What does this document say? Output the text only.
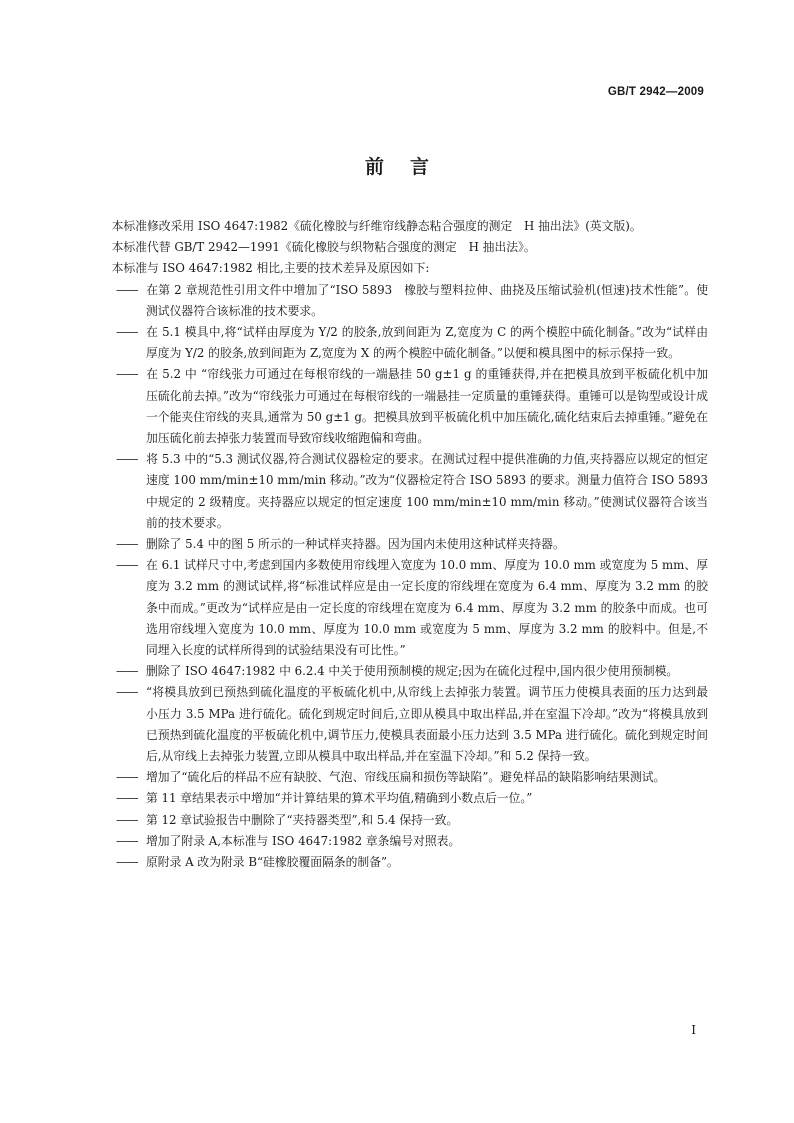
GB/T 2942—2009
前言

本标准修改采用 ISO 4647:1982《硫化橡胶与纤维帘线静态粘合强度的测定　H 抽出法》(英文版)。

本标准代替 GB/T 2942—1991《硫化橡胶与织物粘合强度的测定　H 抽出法》。

本标准与 ISO 4647:1982 相比,主要的技术差异及原因如下:

—— 在第 2 章规范性引用文件中增加了“ISO 5893　橡胶与塑料拉伸、曲挠及压缩试验机(恒速)技术性能”。使测试仪器符合该标准的技术要求。

—— 在 5.1 模具中,将“试样由厚度为 Y/2 的胶条,放到间距为 Z,宽度为 C 的两个模腔中硫化制备。”改为“试样由厚度为 Y/2 的胶条,放到间距为 Z,宽度为 X 的两个模腔中硫化制备。”以便和模具图中的标示保持一致。

—— 在 5.2 中 “帘线张力可通过在每根帘线的一端悬挂 50 g±1 g 的重锤获得,并在把模具放到平板硫化机中加压硫化前去掉。”改为“帘线张力可通过在每根帘线的一端悬挂一定质量的重锤获得。重锤可以是钩型或设计成一个能夹住帘线的夹具,通常为 50 g±1 g。把模具放到平板硫化机中加压硫化,硫化结束后去掉重锤。”避免在加压硫化前去掉张力装置而导致帘线收缩跑偏和弯曲。

—— 将 5.3 中的“5.3 测试仪器,符合测试仪器检定的要求。在测试过程中提供准确的力值,夹持器应以规定的恒定速度 100 mm/min±10 mm/min 移动。”改为“仪器检定符合 ISO 5893 的要求。测量力值符合 ISO 5893 中规定的 2 级精度。夹持器应以规定的恒定速度 100 mm/min±10 mm/min 移动。”使测试仪器符合该当前的技术要求。

—— 删除了 5.4 中的图 5 所示的一种试样夹持器。因为国内未使用这种试样夹持器。

—— 在 6.1 试样尺寸中,考虑到国内多数使用帘线埋入宽度为 10.0 mm、厚度为 10.0 mm 或宽度为 5 mm、厚度为 3.2 mm 的测试试样,将“标准试样应是由一定长度的帘线埋在宽度为 6.4 mm、厚度为 3.2 mm 的胶条中而成。”更改为“试样应是由一定长度的帘线埋在宽度为 6.4 mm、厚度为 3.2 mm 的胶条中而成。也可选用帘线埋入宽度为 10.0 mm、厚度为 10.0 mm 或宽度为 5 mm、厚度为 3.2 mm 的胶料中。但是,不同埋入长度的试样所得到的试验结果没有可比性。”

—— 删除了 ISO 4647:1982 中 6.2.4 中关于使用预制模的规定;因为在硫化过程中,国内很少使用预制模。

—— “将模具放到已预热到硫化温度的平板硫化机中,从帘线上去掉张力装置。调节压力使模具表面的压力达到最小压力 3.5 MPa 进行硫化。硫化到规定时间后,立即从模具中取出样品,并在室温下冷却。”改为“将模具放到已预热到硫化温度的平板硫化机中,调节压力,使模具表面最小压力达到 3.5 MPa 进行硫化。硫化到规定时间后,从帘线上去掉张力装置,立即从模具中取出样品,并在室温下冷却。”和 5.2 保持一致。

—— 增加了“硫化后的样品不应有缺胶、气泡、帘线压扁和损伤等缺陷”。避免样品的缺陷影响结果测试。

—— 第 11 章结果表示中增加“并计算结果的算术平均值,精确到小数点后一位。”

—— 第 12 章试验报告中删除了“夹持器类型”,和 5.4 保持一致。

—— 增加了附录 A,本标准与 ISO 4647:1982 章条编号对照表。

—— 原附录 A 改为附录 B“硅橡胶覆面隔条的制备”。

I
